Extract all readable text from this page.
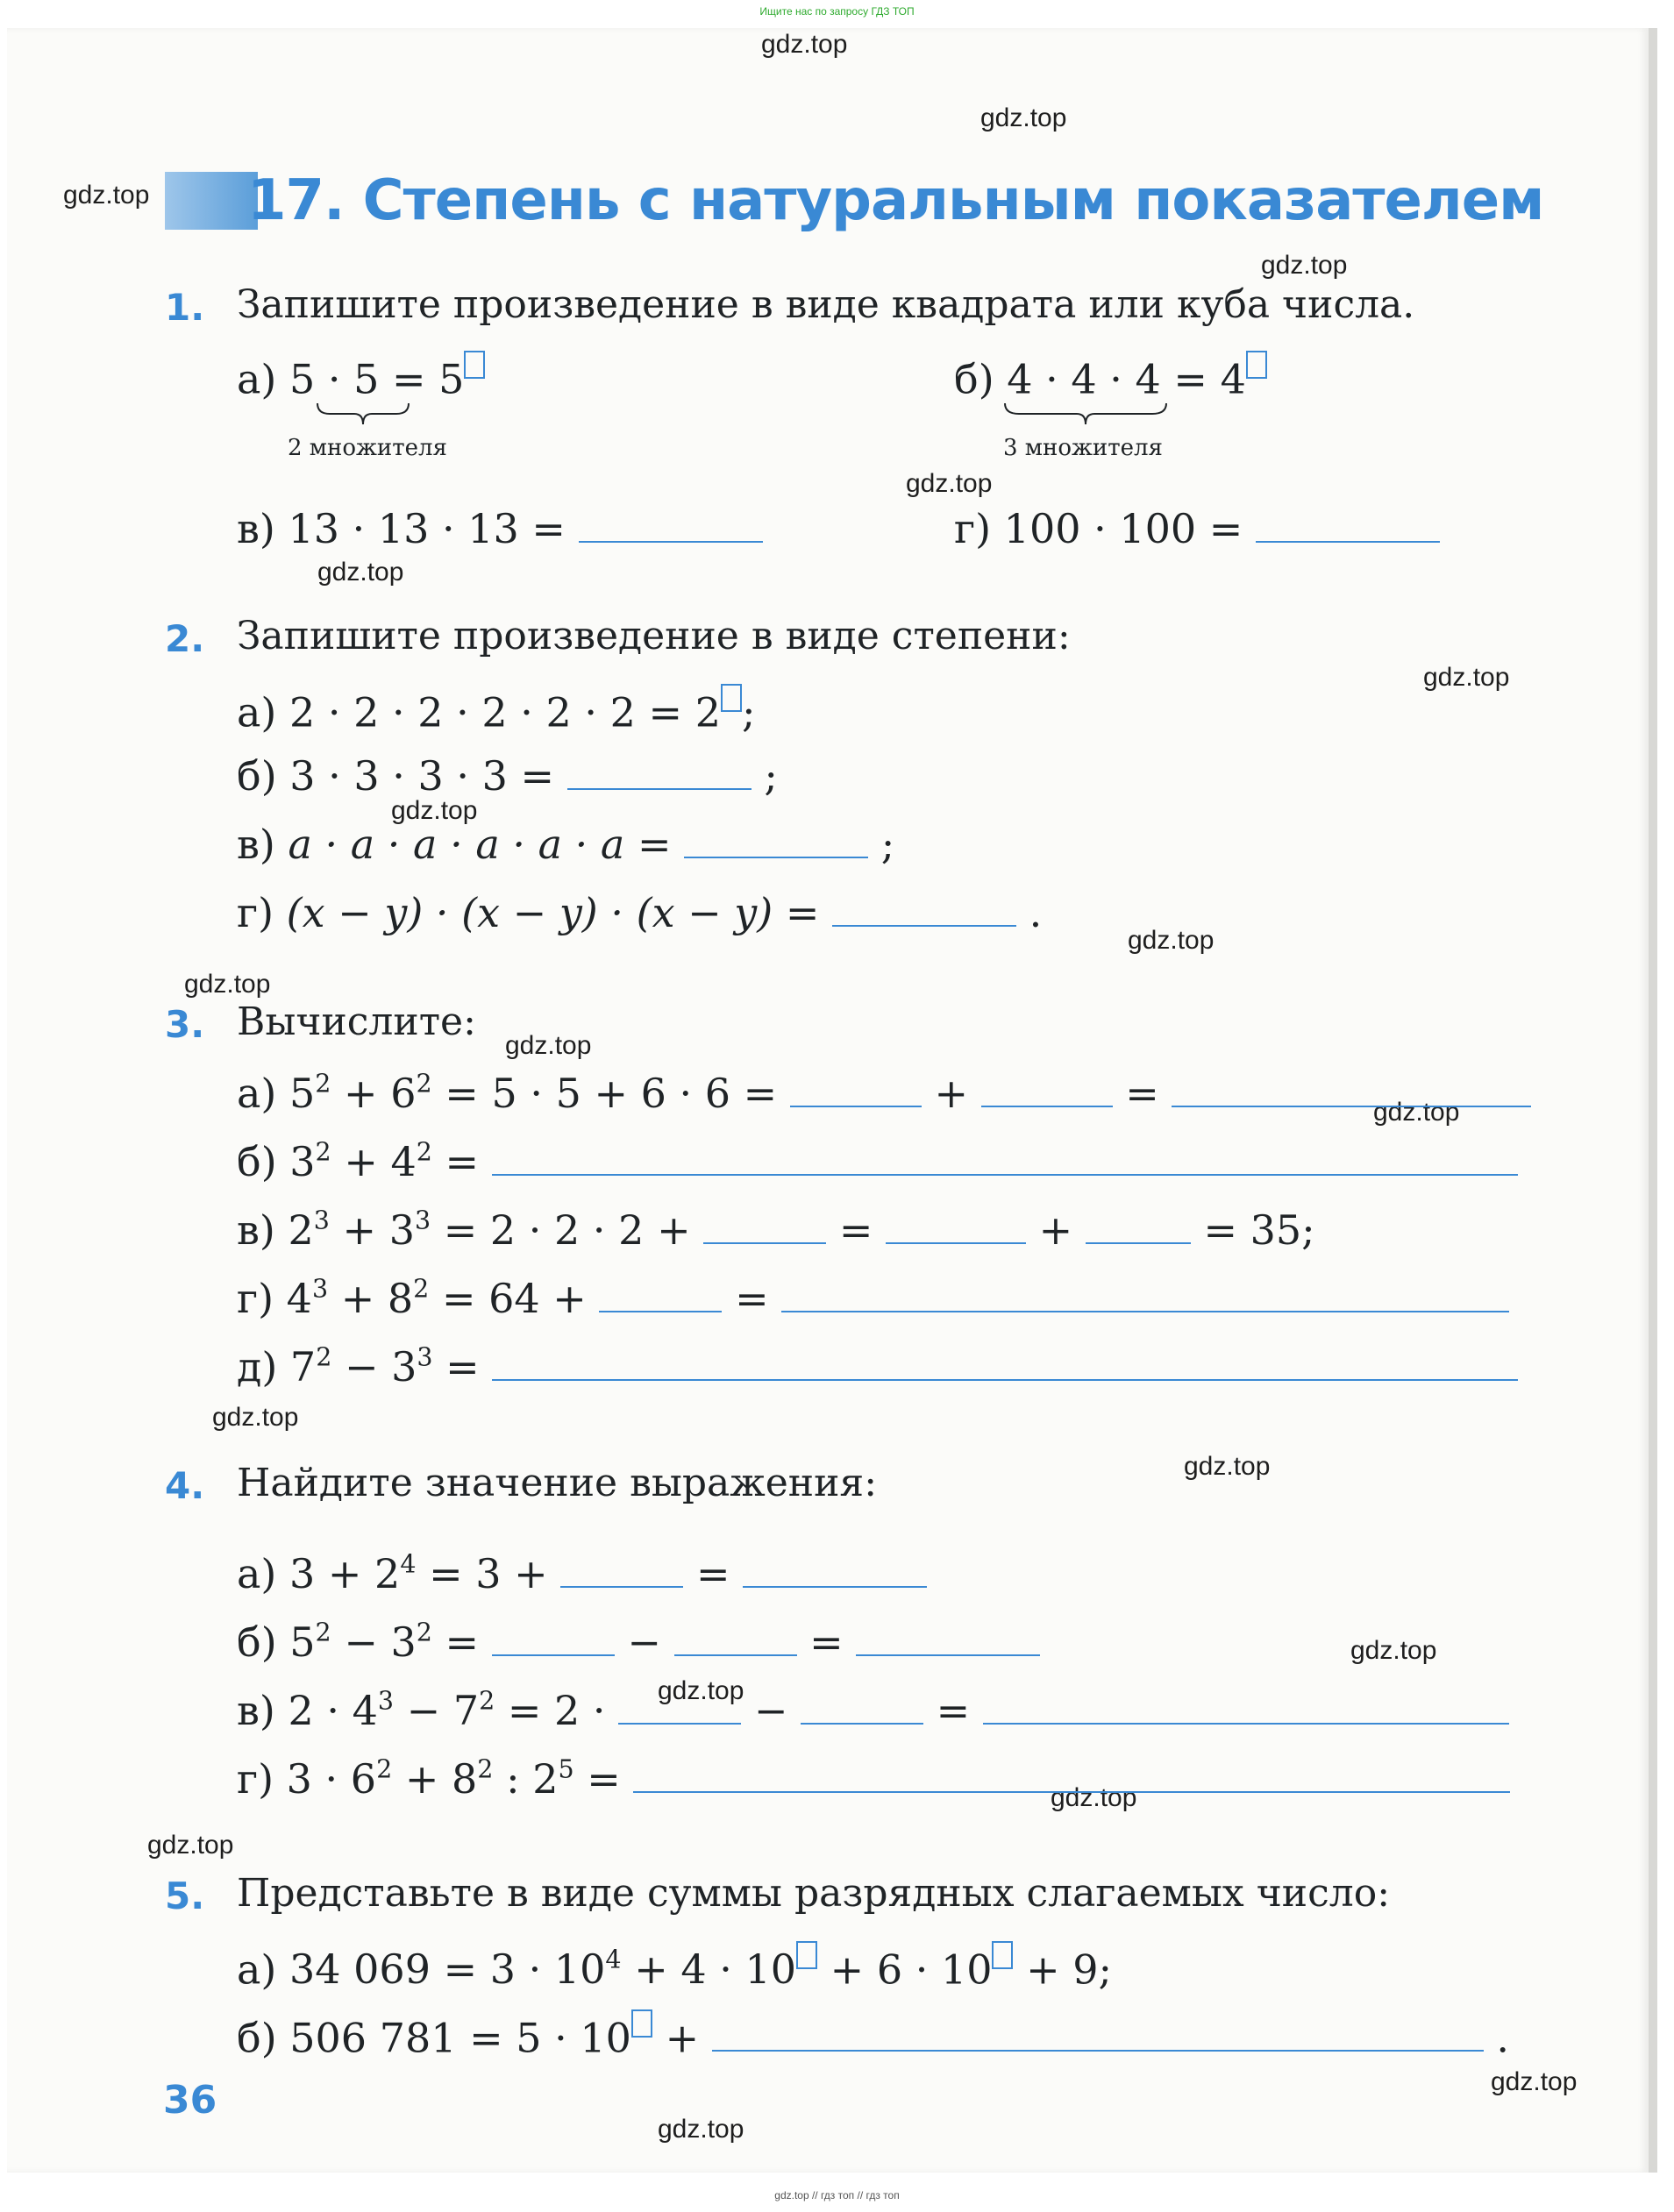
Ищите нас по запросу ГДЗ ТОП
gdz.top
gdz.top
gdz.top
gdz.top
gdz.top
gdz.top
gdz.top
gdz.top
gdz.top
gdz.top
gdz.top
gdz.top
gdz.top
gdz.top
gdz.top
gdz.top
gdz.top
gdz.top
gdz.top
gdz.top
17. Степень с натуральным показателем
1. Запишите произведение в виде квадрата или куба числа.
а) 5 · 5 = 5
2 множителя
б) 4 · 4 · 4 = 4
3 множителя
в) 13 · 13 · 13 =	г) 100 · 100 =
2. Запишите произведение в виде степени:
а) 2 · 2 · 2 · 2 · 2 · 2 = 2 ;
б) 3 · 3 · 3 · 3 =	;
в) a · a · a · a · a · a =	;
г) (x − y) · (x − y) · (x − y) =	.
3. Вычислите:
а) $5^2 + 6^2 = 5 \cdot 5 + 6 \cdot 6$ =	+	=
б) $3^2 + 4^2$ =
в) $2^3 + 3^3 = 2 \cdot 2 \cdot 2$ +	=	+	= 35;
г) $4^3 + 8^2 = 64$ +	=
д) $7^2 - 3^3$ =
4. Найдите значение выражения:
а) $3 + 2^4 = 3$ +	=
б) $5^2 - 3^2$ =	−	=
в) $2 \cdot 4^3 - 7^2 = 2$ ·	−	=
г) $3 \cdot 6^2 + 8^2$ : $2^5$ =
5. Представьте в виде суммы разрядных слагаемых число:
а) 34 $069 = 3 \cdot 10^4 + 4 \cdot 10 + 6 \cdot 10 + 9$;
б) 506 781 = 5 · 10 +	.
36
gdz.top // гдз топ // гдз топ
